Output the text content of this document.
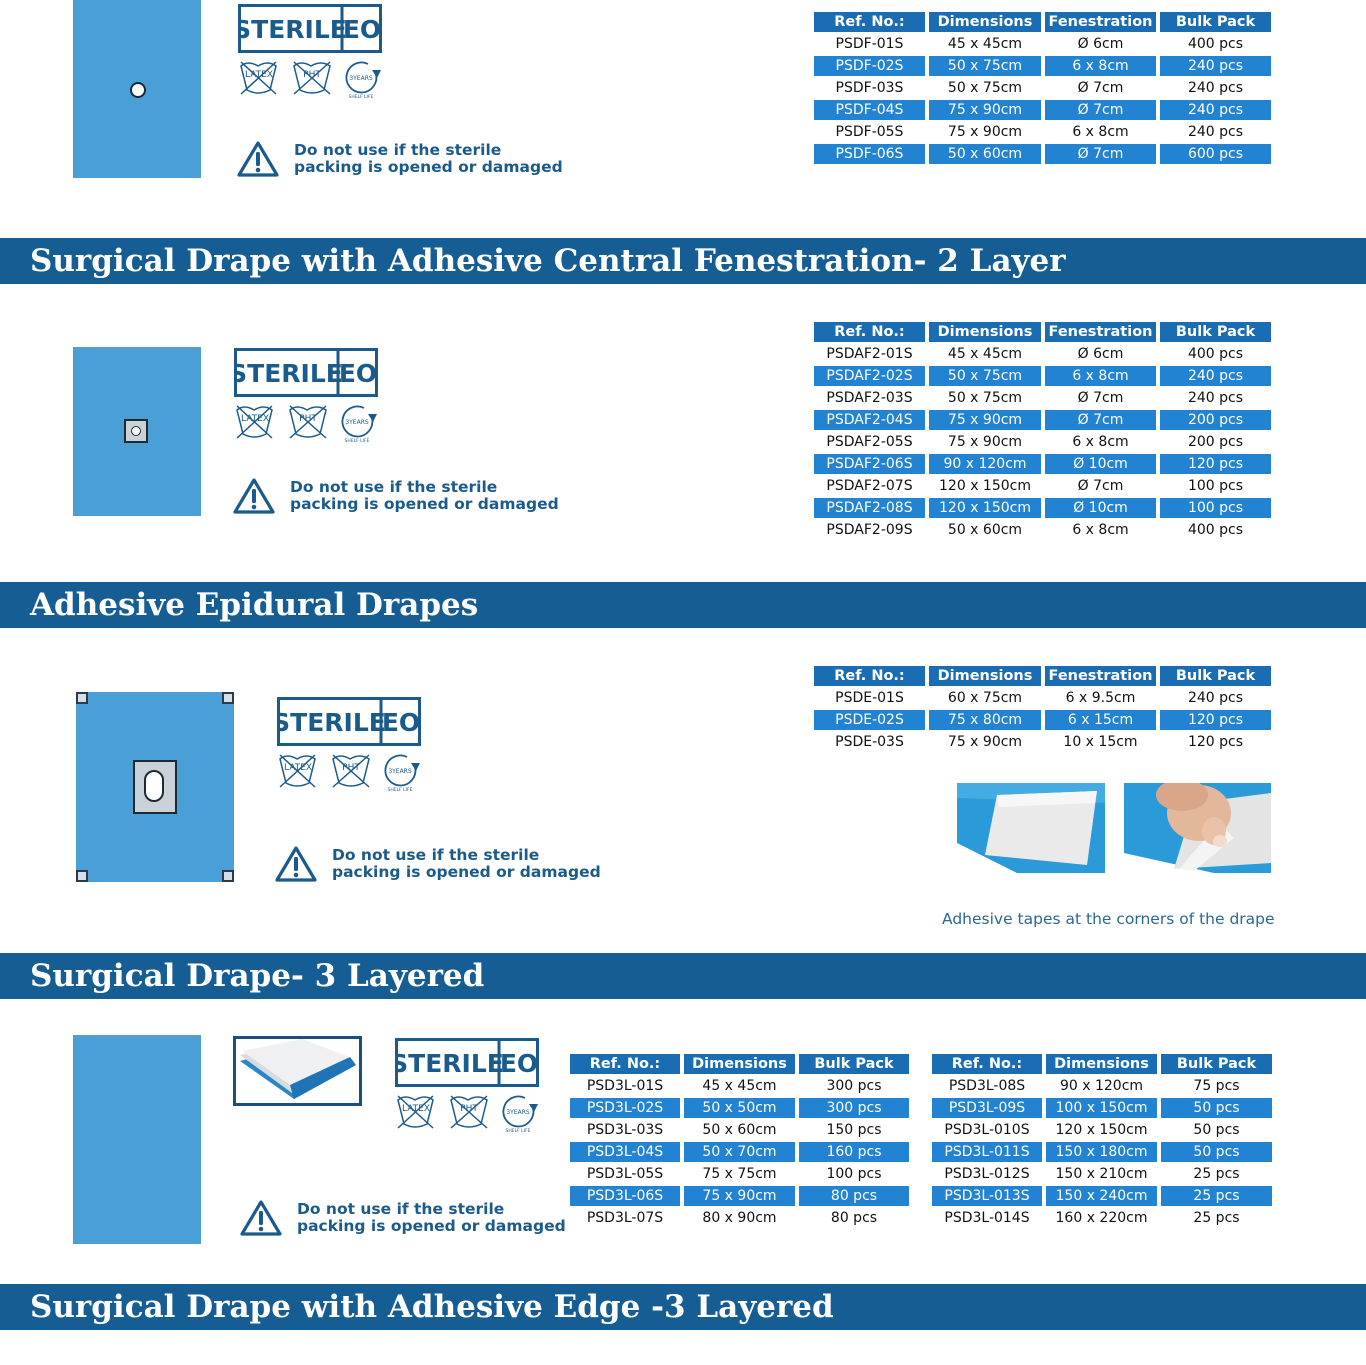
STERILE
EO
LATEX	PHT	3YEARS
SHELF LIFE
Do not use if the sterile
packing is opened or damaged
Ref. No.:	Dimensions	Fenestration	Bulk Pack
PSDF-01S	45 x 45cm	Ø 6cm	400 pcs
PSDF-02S	50 x 75cm	6 x 8cm	240 pcs
PSDF-03S	50 x 75cm	Ø 7cm	240 pcs
PSDF-04S	75 x 90cm	Ø 7cm	240 pcs
PSDF-05S	75 x 90cm	6 x 8cm	240 pcs
PSDF-06S	50 x 60cm	Ø 7cm	600 pcs
Surgical Drape with Adhesive Central Fenestration- 2 Layer
STERILE
EO
LATEX	PHT	3YEARS
SHELF LIFE
Do not use if the sterile
packing is opened or damaged
Ref. No.:	Dimensions	Fenestration	Bulk Pack
PSDAF2-01S	45 x 45cm	Ø 6cm	400 pcs
PSDAF2-02S	50 x 75cm	6 x 8cm	240 pcs
PSDAF2-03S	50 x 75cm	Ø 7cm	240 pcs
PSDAF2-04S	75 x 90cm	Ø 7cm	200 pcs
PSDAF2-05S	75 x 90cm	6 x 8cm	200 pcs
PSDAF2-06S	90 x 120cm	Ø 10cm	120 pcs
PSDAF2-07S	120 x 150cm	Ø 7cm	100 pcs
PSDAF2-08S	120 x 150cm	Ø 10cm	100 pcs
PSDAF2-09S	50 x 60cm	6 x 8cm	400 pcs
Adhesive Epidural Drapes
STERILE
EO
LATEX	PHT	3YEARS
SHELF LIFE
Do not use if the sterile
packing is opened or damaged
Ref. No.:	Dimensions	Fenestration	Bulk Pack
PSDE-01S	60 x 75cm	6 x 9.5cm	240 pcs
PSDE-02S	75 x 80cm	6 x 15cm	120 pcs
PSDE-03S	75 x 90cm	10 x 15cm	120 pcs
Adhesive tapes at the corners of the drape
Surgical Drape- 3 Layered
STERILE
EO
LATEX	PHT	3YEARS
SHELF LIFE
Do not use if the sterile
packing is opened or damaged
Ref. No.:	Dimensions	Bulk Pack
PSD3L-01S	45 x 45cm	300 pcs
PSD3L-02S	50 x 50cm	300 pcs
PSD3L-03S	50 x 60cm	150 pcs
PSD3L-04S	50 x 70cm	160 pcs
PSD3L-05S	75 x 75cm	100 pcs
PSD3L-06S	75 x 90cm	80 pcs
PSD3L-07S	80 x 90cm	80 pcs
Ref. No.:	Dimensions	Bulk Pack
PSD3L-08S	90 x 120cm	75 pcs
PSD3L-09S	100 x 150cm	50 pcs
PSD3L-010S	120 x 150cm	50 pcs
PSD3L-011S	150 x 180cm	50 pcs
PSD3L-012S	150 x 210cm	25 pcs
PSD3L-013S	150 x 240cm	25 pcs
PSD3L-014S	160 x 220cm	25 pcs
Surgical Drape with Adhesive Edge -3 Layered
